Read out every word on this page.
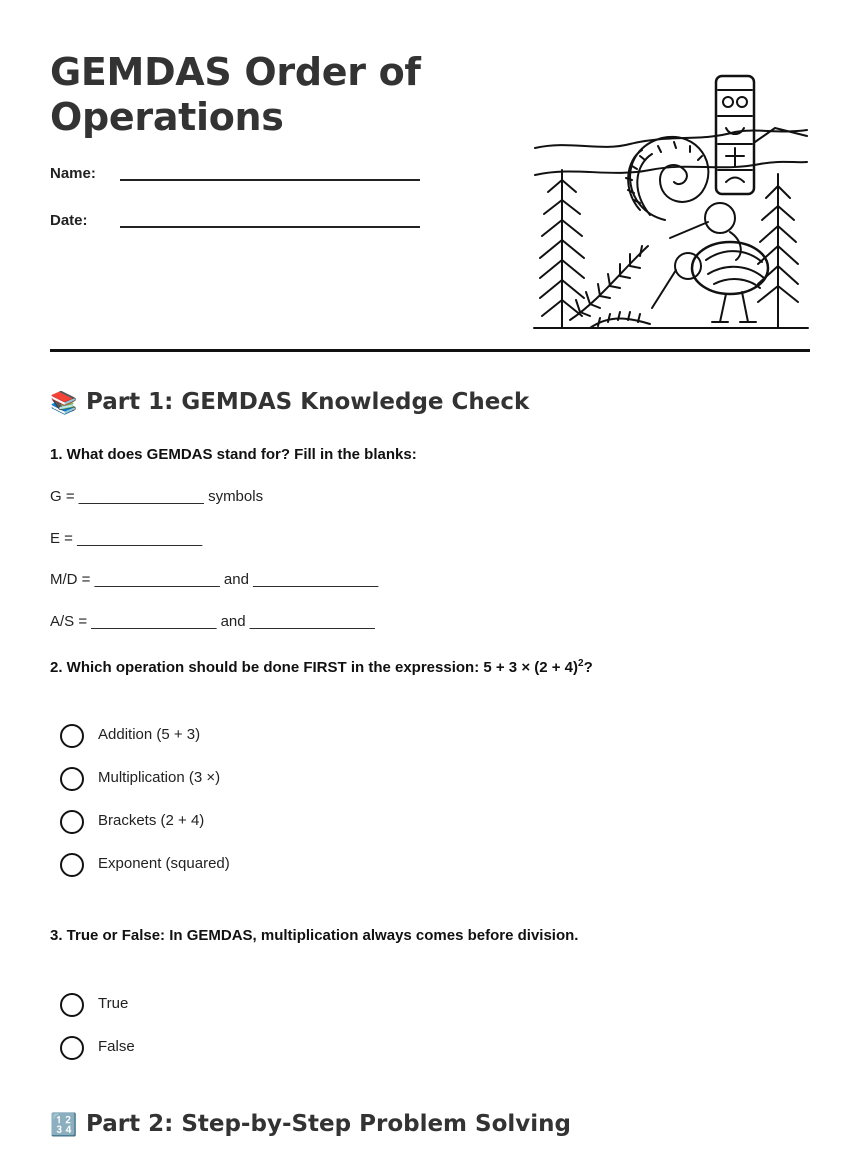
GEMDAS Order of Operations
Name:
Date:
📚 Part 1: GEMDAS Knowledge Check
1. What does GEMDAS stand for? Fill in the blanks:
G = _______________ symbols
E = _______________
M/D = _______________ and _______________
A/S = _______________ and _______________
2. Which operation should be done FIRST in the expression: $5 + 3 \times (2 + 4)^2$?
Addition (5 + 3)
Multiplication (3 ×)
Brackets (2 + 4)
Exponent (squared)
3. True or False: In GEMDAS, multiplication always comes before division.
True
False
🔢 Part 2: Step-by-Step Problem Solving
